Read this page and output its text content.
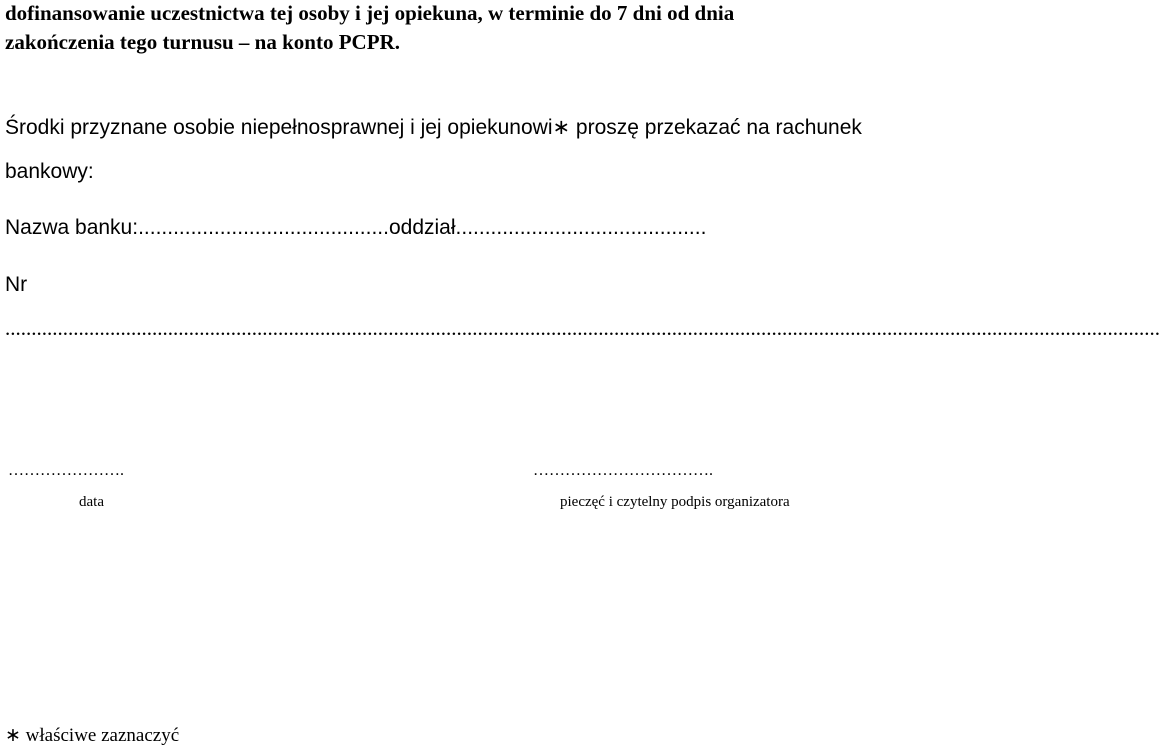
dofinansowanie uczestnictwa tej osoby i jej opiekuna, w terminie do 7 dni od dnia
zakończenia tego turnusu – na konto PCPR.
Środki przyznane osobie niepełnosprawnej i jej opiekunowi∗ proszę przekazać na rachunek
bankowy:
Nazwa banku:...........................................oddział...........................................
Nr
............................................................................................................................................................................................................................
………………….
data
…………………………….
pieczęć i czytelny podpis organizatora
∗ właściwe zaznaczyć
